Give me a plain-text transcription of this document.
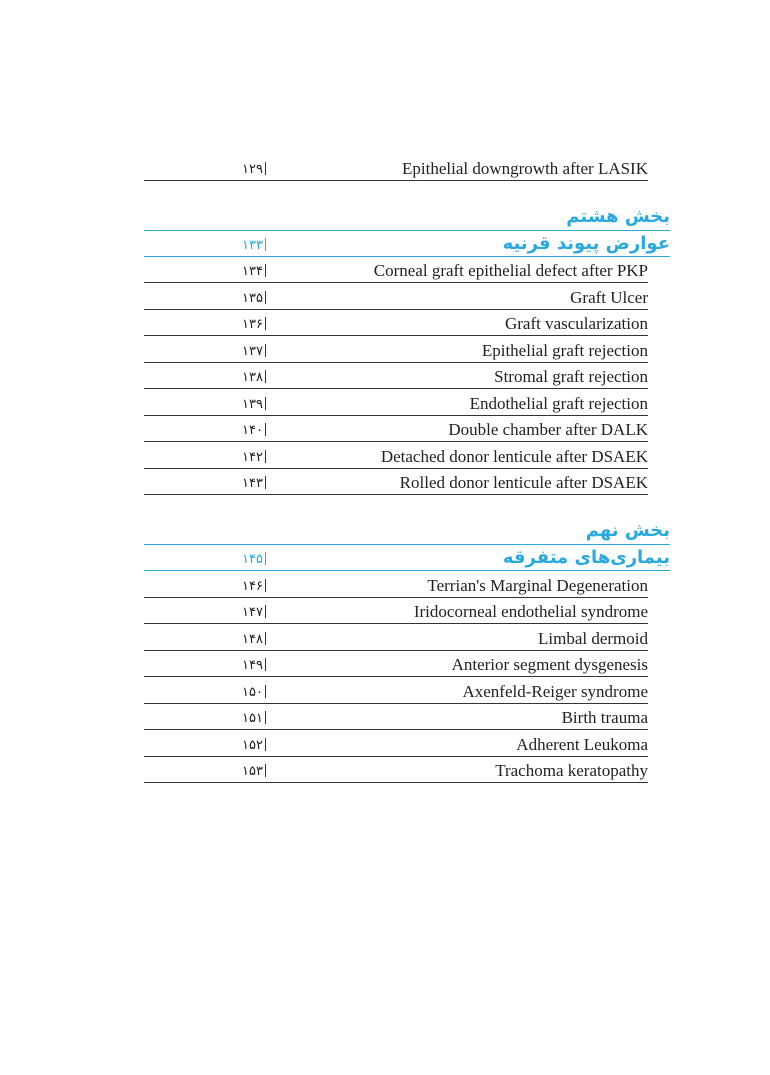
Epithelial downgrowth after LASIK
۱۲۹
بخش هشتم
عوارض پیوند قرنیه
۱۳۳
Corneal graft epithelial defect after PKP
۱۳۴
Graft Ulcer
۱۳۵
Graft vascularization
۱۳۶
Epithelial graft rejection
۱۳۷
Stromal graft rejection
۱۳۸
Endothelial graft rejection
۱۳۹
Double chamber after DALK
۱۴۰
Detached donor lenticule after DSAEK
۱۴۲
Rolled donor lenticule after DSAEK
۱۴۳
بخش نهم
بیماری‌های متفرقه
۱۴۵
Terrian's Marginal Degeneration
۱۴۶
Iridocorneal endothelial syndrome
۱۴۷
Limbal dermoid
۱۴۸
Anterior segment dysgenesis
۱۴۹
Axenfeld-Reiger syndrome
۱۵۰
Birth trauma
۱۵۱
Adherent Leukoma
۱۵۲
Trachoma keratopathy
۱۵۳
